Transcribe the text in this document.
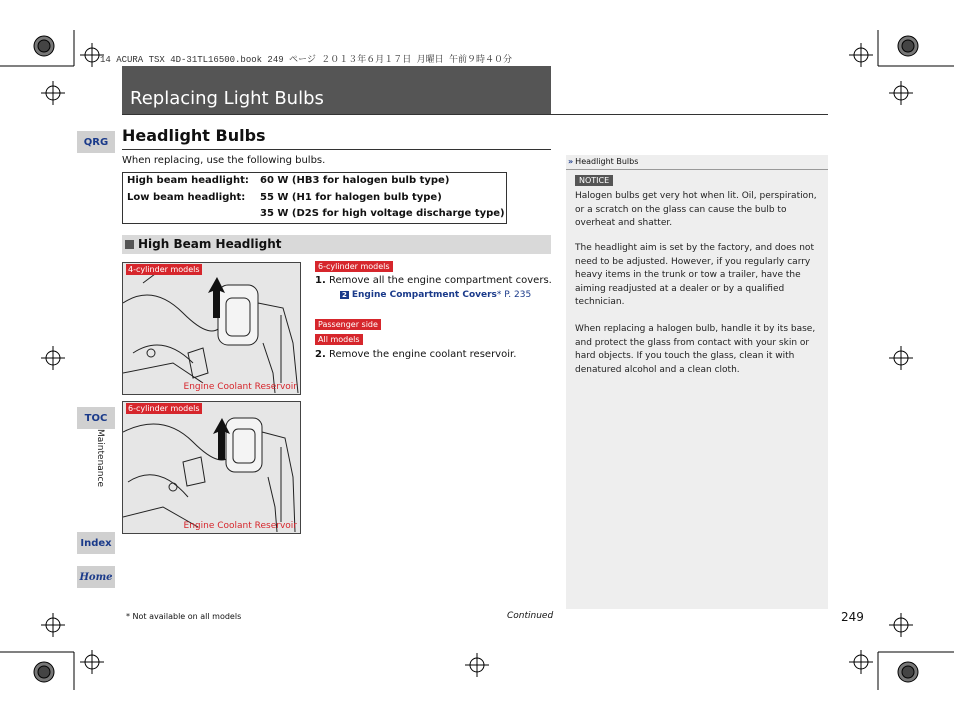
14 ACURA TSX 4D-31TL16500.book 249 ページ ２０１３年６月１７日 月曜日 午前９時４０分
Replacing Light Bulbs
QRG
TOC
Index
Home
Maintenance
Headlight Bulbs
When replacing, use the following bulbs.
High beam headlight: 60 W (HB3 for halogen bulb type)
Low beam headlight: 55 W (H1 for halogen bulb type)
35 W (D2S for high voltage discharge type)
High Beam Headlight
4-cylinder models
Engine Coolant Reservoir
6-cylinder models
Engine Coolant Reservoir
6-cylinder models
1. Remove all the engine compartment covers.
2 Engine Compartment Covers* P. 235
Passenger side
All models
2. Remove the engine coolant reservoir.
» Headlight Bulbs
NOTICE
Halogen bulbs get very hot when lit. Oil, perspiration, or a scratch on the glass can cause the bulb to overheat and shatter.
The headlight aim is set by the factory, and does not need to be adjusted. However, if you regularly carry heavy items in the trunk or tow a trailer, have the aiming readjusted at a dealer or by a qualified technician.
When replacing a halogen bulb, handle it by its base, and protect the glass from contact with your skin or hard objects. If you touch the glass, clean it with denatured alcohol and a clean cloth.
* Not available on all models	Continued	249
